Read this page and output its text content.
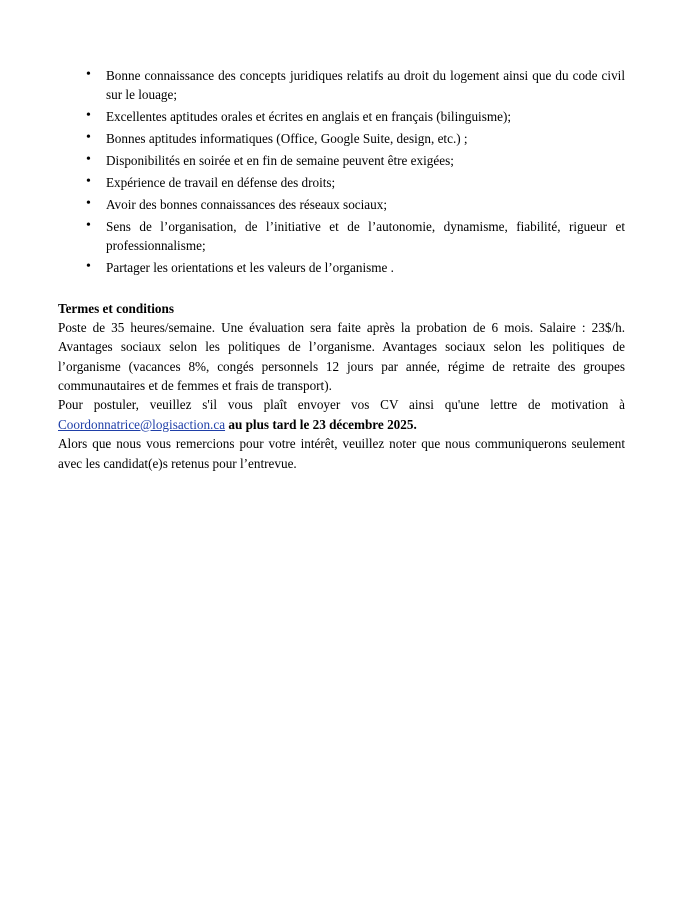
• Bonne connaissance des concepts juridiques relatifs au droit du logement ainsi que du code civil sur le louage;
• Excellentes aptitudes orales et écrites en anglais et en français (bilinguisme);
• Bonnes aptitudes informatiques (Office, Google Suite, design, etc.) ;
• Disponibilités en soirée et en fin de semaine peuvent être exigées;
• Expérience de travail en défense des droits;
• Avoir des bonnes connaissances des réseaux sociaux;
• Sens de l’organisation, de l’initiative et de l’autonomie, dynamisme, fiabilité, rigueur et professionnalisme;
• Partager les orientations et les valeurs de l’organisme .
Termes et conditions

Poste de 35 heures/semaine. Une évaluation sera faite après la probation de 6 mois. Salaire : 23$/h. Avantages sociaux selon les politiques de l’organisme. Avantages sociaux selon les politiques de l’organisme (vacances 8%, congés personnels 12 jours par année, régime de retraite des groupes communautaires et de femmes et frais de transport).

Pour postuler, veuillez s'il vous plaît envoyer vos CV ainsi qu'une lettre de motivation à

Coordonnatrice@logisaction.ca au plus tard le 23 décembre 2025.

Alors que nous vous remercions pour votre intérêt, veuillez noter que nous communiquerons seulement avec les candidat(e)s retenus pour l’entrevue.
